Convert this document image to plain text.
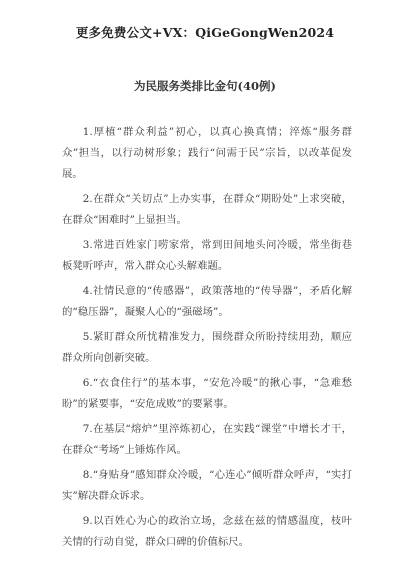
更多免费公文+VX：QiGeGongWen2024
为民服务类排比金句(40例)

1.厚植“群众利益”初心，以真心换真情；淬炼“服务群众”担当，以行动树形象；践行“问需于民”宗旨，以改革促发展。

2.在群众“关切点”上办实事，在群众“期盼处”上求突破，在群众“困难时”上显担当。

3.常进百姓家门唠家常，常到田间地头问冷暖，常坐街巷板凳听呼声，常入群众心头解难题。

4.社情民意的“传感器”，政策落地的“传导器”，矛盾化解的“稳压器”，凝聚人心的“强磁场”。

5.紧盯群众所忧精准发力，围绕群众所盼持续用劲，顺应群众所向创新突破。

6.“衣食住行”的基本事，“安危冷暖”的揪心事，“急难愁盼”的紧要事，“安危成败”的要紧事。

7.在基层“熔炉”里淬炼初心，在实践“课堂”中增长才干，在群众“考场”上锤炼作风。

8.“身贴身”感知群众冷暖，“心连心”倾听群众呼声，“实打实”解决群众诉求。

9.以百姓心为心的政治立场，念兹在兹的情感温度，枝叶关情的行动自觉，群众口碑的价值标尺。
